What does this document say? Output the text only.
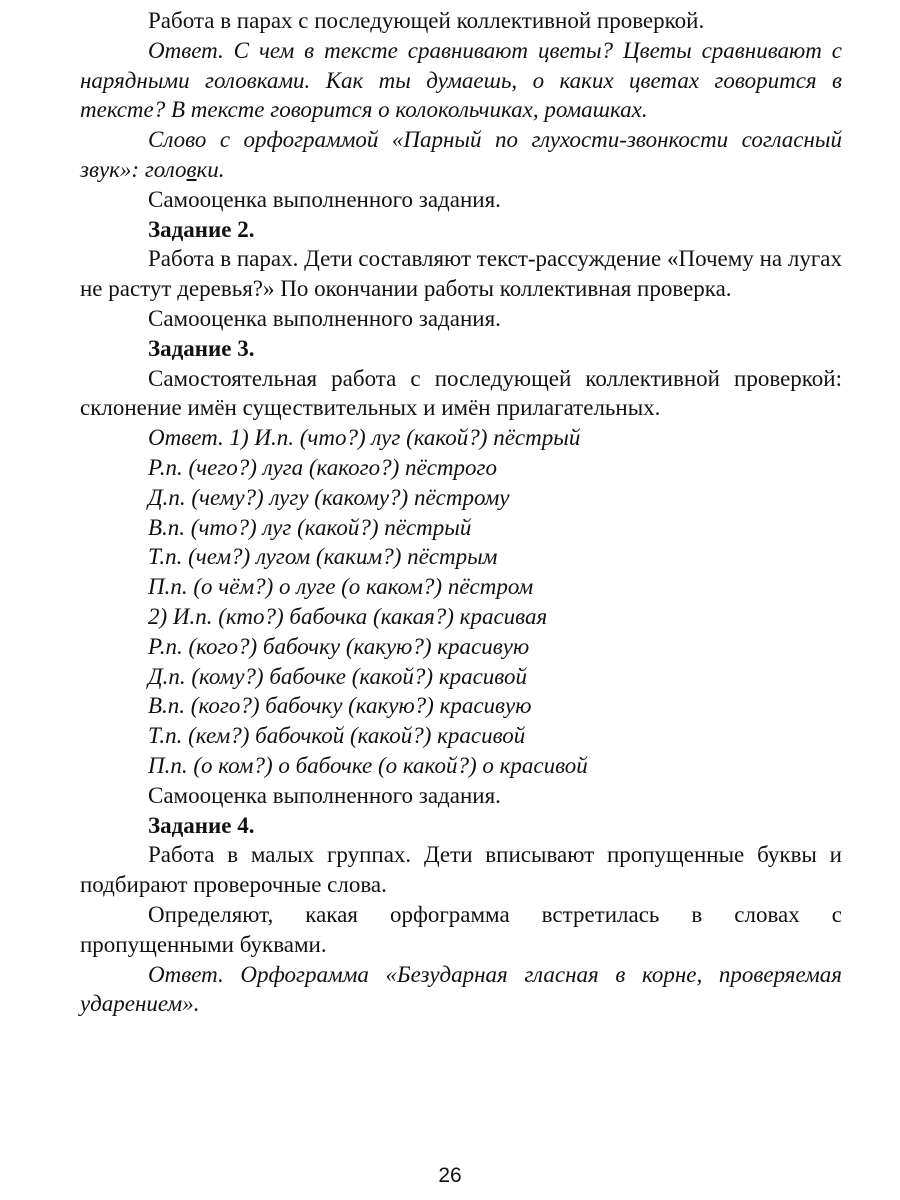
Работа в парах с последующей коллективной проверкой.

Ответ. С чем в тексте сравнивают цветы? Цветы сравнивают с нарядными головками. Как ты думаешь, о каких цветах говорится в тексте? В тексте говорится о колокольчиках, ромашках.

Слово с орфограммой «Парный по глухости-звонкости согласный звук»: головки.

Самооценка выполненного задания.

Задание 2.

Работа в парах. Дети составляют текст-рассуждение «Почему на лугах не растут деревья?» По окончании работы коллективная проверка.

Самооценка выполненного задания.

Задание 3.

Самостоятельная работа с последующей коллективной проверкой: склонение имён существительных и имён прилагательных.

Ответ. 1) И.п. (что?) луг (какой?) пёстрый

Р.п. (чего?) луга (какого?) пёстрого

Д.п. (чему?) лугу (какому?) пёстрому

В.п. (что?) луг (какой?) пёстрый

Т.п. (чем?) лугом (каким?) пёстрым

П.п. (о чём?) о луге (о каком?) пёстром

2) И.п. (кто?) бабочка (какая?) красивая

Р.п. (кого?) бабочку (какую?) красивую

Д.п. (кому?) бабочке (какой?) красивой

В.п. (кого?) бабочку (какую?) красивую

Т.п. (кем?) бабочкой (какой?) красивой

П.п. (о ком?) о бабочке (о какой?) о красивой

Самооценка выполненного задания.

Задание 4.

Работа в малых группах. Дети вписывают пропущенные буквы и подбирают проверочные слова.

Определяют, какая орфограмма встретилась в словах с пропущенными буквами.

Ответ. Орфограмма «Безударная гласная в корне, проверяемая ударением».

26
